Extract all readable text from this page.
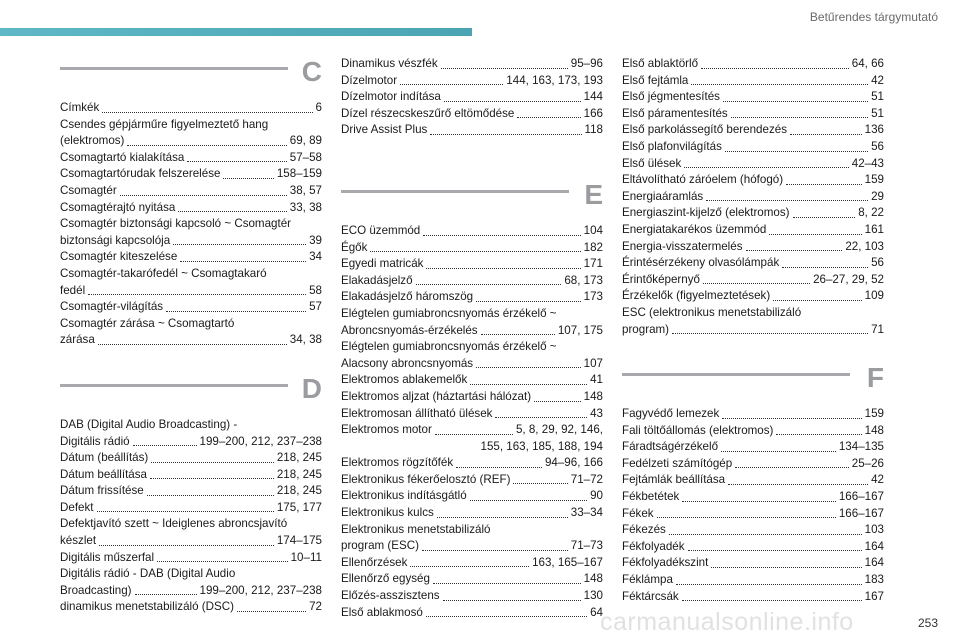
Betűrendes tárgymutató
C
Címkék	6
Csendes gépjárműre figyelmeztető hang
(elektromos)	69, 89
Csomagtartó kialakítása	57–58
Csomagtartórudak felszerelése	158–159
Csomagtér	38, 57
Csomagtérajtó nyitása	33, 38
Csomagtér biztonsági kapcsoló ~ Csomagtér
biztonsági kapcsolója	39
Csomagtér kiteszelése	34
Csomagtér-takarófedél ~ Csomagtakaró
fedél	58
Csomagtér-világítás	57
Csomagtér zárása ~ Csomagtartó
zárása	34, 38
D
DAB (Digital Audio Broadcasting) -
Digitális rádió	199–200, 212, 237–238
Dátum (beállítás)	218, 245
Dátum beállítása	218, 245
Dátum frissítése	218, 245
Defekt	175, 177
Defektjavító szett ~ Ideiglenes abroncsjavító
készlet	174–175
Digitális műszerfal	10–11
Digitális rádió - DAB (Digital Audio
Broadcasting)	199–200, 212, 237–238
dinamikus menetstabilizáló (DSC)	72
Dinamikus vészfék	95–96
Dízelmotor	144, 163, 173, 193
Dízelmotor indítása	144
Dízel részecskeszűrő eltömődése	166
Drive Assist Plus	118
E
ECO üzemmód	104
Égők	182
Egyedi matricák	171
Elakadásjelző	68, 173
Elakadásjelző háromszög	173
Elégtelen gumiabroncsnyomás érzékelő ~
Abroncsnyomás-érzékelés	107, 175
Elégtelen gumiabroncsnyomás érzékelő ~
Alacsony abroncsnyomás	107
Elektromos ablakemelők	41
Elektromos aljzat (háztartási hálózat)	148
Elektromosan állítható ülések	43
Elektromos motor	5, 8, 29, 92, 146,
155, 163, 185, 188, 194
Elektromos rögzítőfék	94–96, 166
Elektronikus fékerőelosztó (REF)	71–72
Elektronikus indításgátló	90
Elektronikus kulcs	33–34
Elektronikus menetstabilizáló
program (ESC)	71–73
Ellenőrzések	163, 165–167
Ellenőrző egység	148
Előzés-asszisztens	130
Első ablakmosó	64
Első ablaktörlő	64, 66
Első fejtámla	42
Első jégmentesítés	51
Első páramentesítés	51
Első parkolássegítő berendezés	136
Első plafonvilágítás	56
Első ülések	42–43
Eltávolítható záróelem (hófogó)	159
Energiaáramlás	29
Energiaszint-kijelző (elektromos)	8, 22
Energiatakarékos üzemmód	161
Energia-visszatermelés	22, 103
Érintésérzékeny olvasólámpák	56
Érintőképernyő	26–27, 29, 52
Érzékelők (figyelmeztetések)	109
ESC (elektronikus menetstabilizáló
program)	71
F
Fagyvédő lemezek	159
Fali töltőállomás (elektromos)	148
Fáradtságérzékelő	134–135
Fedélzeti számítógép	25–26
Fejtámlák beállítása	42
Fékbetétek	166–167
Fékek	166–167
Fékezés	103
Fékfolyadék	164
Fékfolyadékszint	164
Féklámpa	183
Féktárcsák	167
253
carmanualsonline.info
